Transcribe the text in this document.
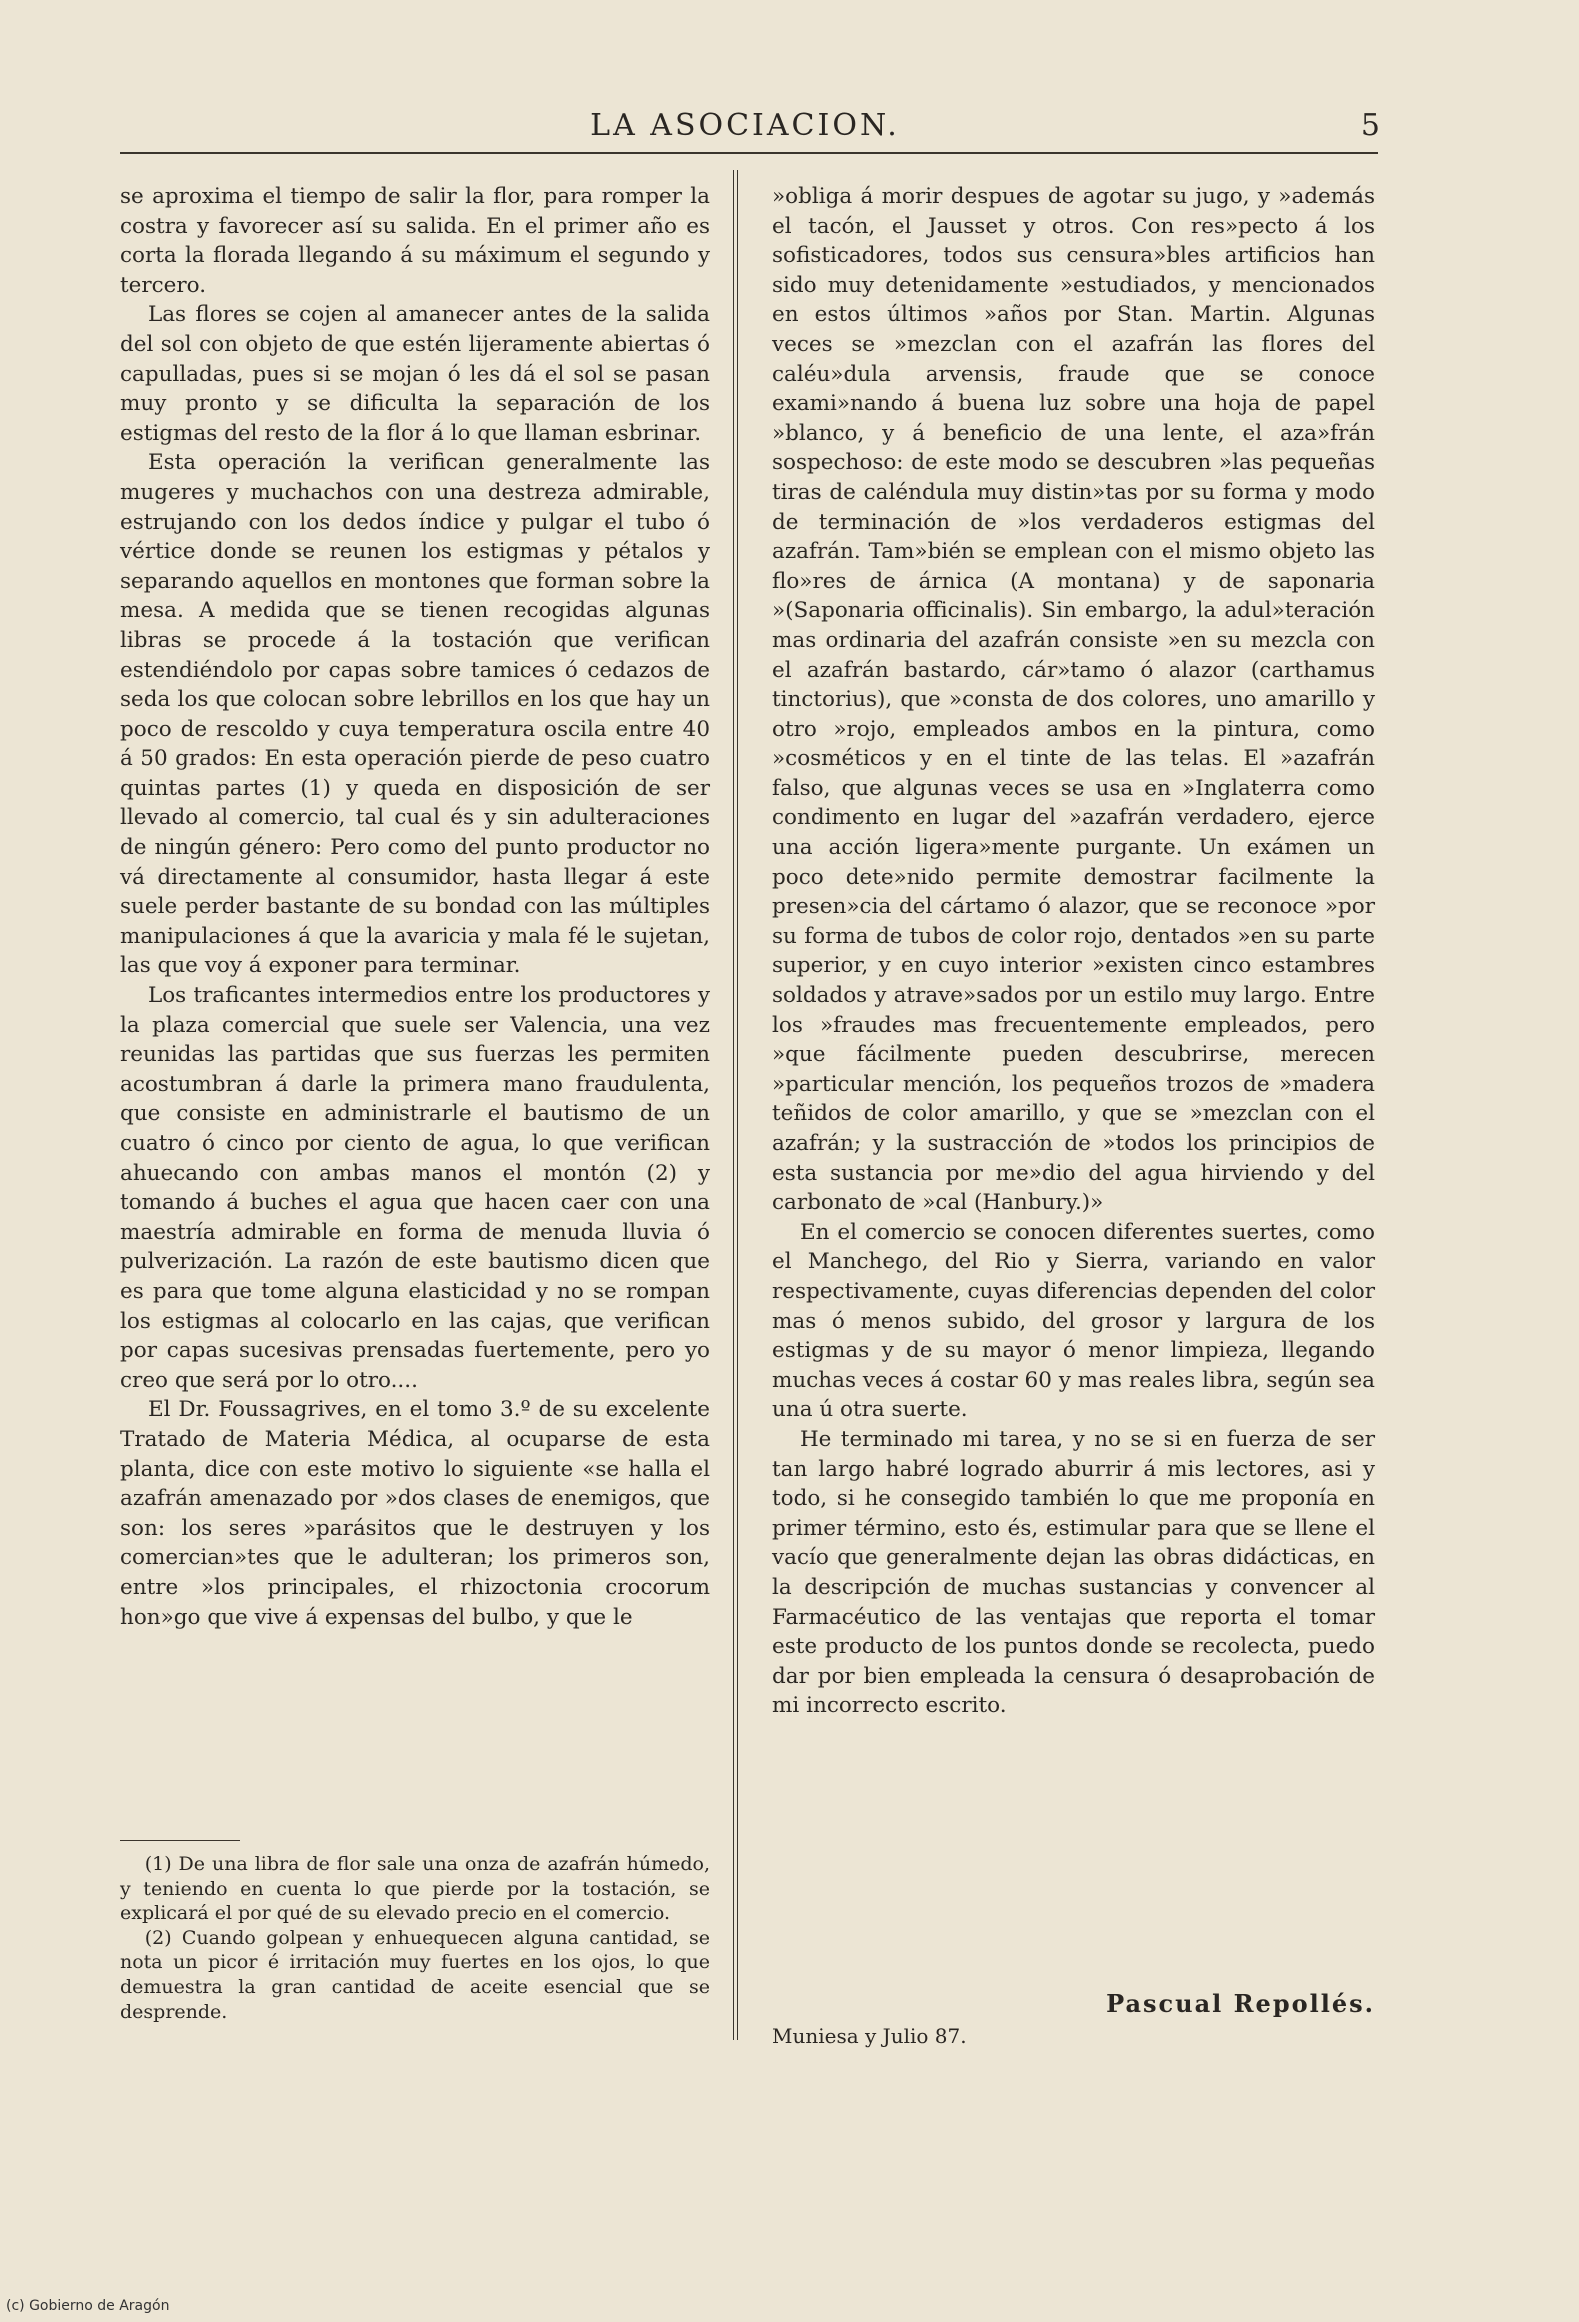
LA ASOCIACION.	5

se aproxima el tiempo de salir la flor, para romper la costra y favorecer así su salida. En el primer año es corta la florada llegando á su máximum el segundo y tercero.

Las flores se cojen al amanecer antes de la salida del sol con objeto de que estén lijeramente abiertas ó capulladas, pues si se mojan ó les dá el sol se pasan muy pronto y se dificulta la separación de los estigmas del resto de la flor á lo que llaman esbrinar.

Esta operación la verifican generalmente las mugeres y muchachos con una destreza admirable, estrujando con los dedos índice y pulgar el tubo ó vértice donde se reunen los estigmas y pétalos y separando aquellos en montones que forman sobre la mesa. A medida que se tienen recogidas algunas libras se procede á la tostación que verifican estendiéndolo por capas sobre tamices ó cedazos de seda los que colocan sobre lebrillos en los que hay un poco de rescoldo y cuya temperatura oscila entre 40 á 50 grados: En esta operación pierde de peso cuatro quintas partes (1) y queda en disposición de ser llevado al comercio, tal cual és y sin adulteraciones de ningún género: Pero como del punto productor no vá directamente al consumidor, hasta llegar á este suele perder bastante de su bondad con las múltiples manipulaciones á que la avaricia y mala fé le sujetan, las que voy á exponer para terminar.

Los traficantes intermedios entre los productores y la plaza comercial que suele ser Valencia, una vez reunidas las partidas que sus fuerzas les permiten acostumbran á darle la primera mano fraudulenta, que consiste en administrarle el bautismo de un cuatro ó cinco por ciento de agua, lo que verifican ahuecando con ambas manos el montón (2) y tomando á buches el agua que hacen caer con una maestría admirable en forma de menuda lluvia ó pulverización. La razón de este bautismo dicen que es para que tome alguna elasticidad y no se rompan los estigmas al colocarlo en las cajas, que verifican por capas sucesivas prensadas fuertemente, pero yo creo que será por lo otro....

El Dr. Foussagrives, en el tomo 3.º de su excelente Tratado de Materia Médica, al ocuparse de esta planta, dice con este motivo lo siguiente «se halla el azafrán amenazado por »dos clases de enemigos, que son: los seres »parásitos que le destruyen y los comercian»tes que le adulteran; los primeros son, entre »los principales, el rhizoctonia crocorum hon»go que vive á expensas del bulbo, y que le

(1) De una libra de flor sale una onza de azafrán húmedo, y teniendo en cuenta lo que pierde por la tostación, se explicará el por qué de su elevado precio en el comercio.

(2) Cuando golpean y enhuequecen alguna cantidad, se nota un picor é irritación muy fuertes en los ojos, lo que demuestra la gran cantidad de aceite esencial que se desprende.

»obliga á morir despues de agotar su jugo, y »además el tacón, el Jausset y otros. Con res»pecto á los sofisticadores, todos sus censura»bles artificios han sido muy detenidamente »estudiados, y mencionados en estos últimos »años por Stan. Martin. Algunas veces se »mezclan con el azafrán las flores del caléu»dula arvensis, fraude que se conoce exami»nando á buena luz sobre una hoja de papel »blanco, y á beneficio de una lente, el aza»frán sospechoso: de este modo se descubren »las pequeñas tiras de caléndula muy distin»tas por su forma y modo de terminación de »los verdaderos estigmas del azafrán. Tam»bién se emplean con el mismo objeto las flo»res de árnica (A montana) y de saponaria »(Saponaria officinalis). Sin embargo, la adul»teración mas ordinaria del azafrán consiste »en su mezcla con el azafrán bastardo, cár»tamo ó alazor (carthamus tinctorius), que »consta de dos colores, uno amarillo y otro »rojo, empleados ambos en la pintura, como »cosméticos y en el tinte de las telas. El »azafrán falso, que algunas veces se usa en »Inglaterra como condimento en lugar del »azafrán verdadero, ejerce una acción ligera»mente purgante. Un exámen un poco dete»nido permite demostrar facilmente la presen»cia del cártamo ó alazor, que se reconoce »por su forma de tubos de color rojo, dentados »en su parte superior, y en cuyo interior »existen cinco estambres soldados y atrave»sados por un estilo muy largo. Entre los »fraudes mas frecuentemente empleados, pero »que fácilmente pueden descubrirse, merecen »particular mención, los pequeños trozos de »madera teñidos de color amarillo, y que se »mezclan con el azafrán; y la sustracción de »todos los principios de esta sustancia por me»dio del agua hirviendo y del carbonato de »cal (Hanbury.)»

En el comercio se conocen diferentes suertes, como el Manchego, del Rio y Sierra, variando en valor respectivamente, cuyas diferencias dependen del color mas ó menos subido, del grosor y largura de los estigmas y de su mayor ó menor limpieza, llegando muchas veces á costar 60 y mas reales libra, según sea una ú otra suerte.

He terminado mi tarea, y no se si en fuerza de ser tan largo habré logrado aburrir á mis lectores, asi y todo, si he consegido también lo que me proponía en primer término, esto és, estimular para que se llene el vacío que generalmente dejan las obras didácticas, en la descripción de muchas sustancias y convencer al Farmacéutico de las ventajas que reporta el tomar este producto de los puntos donde se recolecta, puedo dar por bien empleada la censura ó desaprobación de mi incorrecto escrito.

Pascual Repollés.
Muniesa y Julio 87.
(c) Gobierno de Aragón
